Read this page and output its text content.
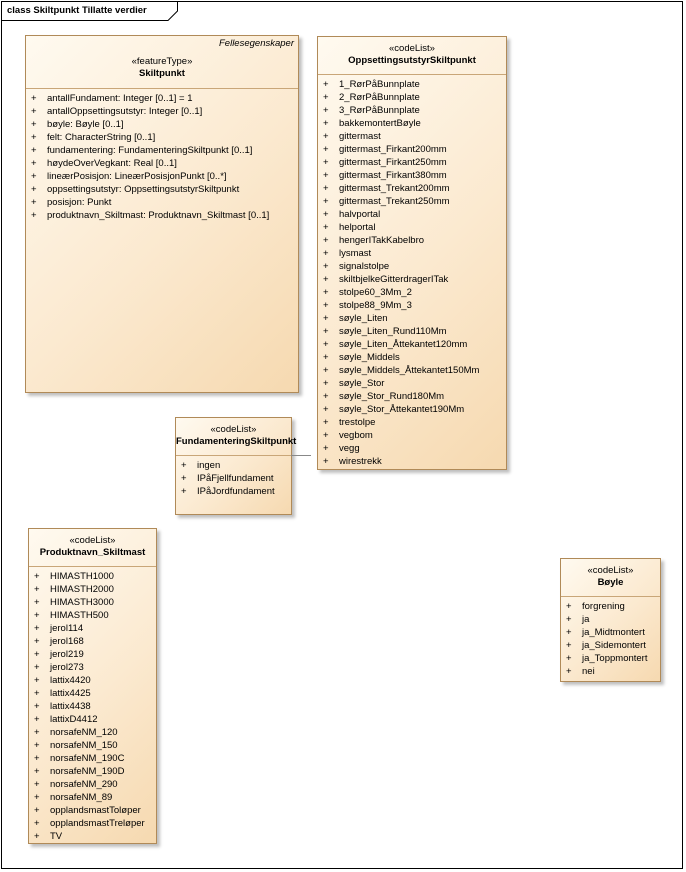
class Skiltpunkt Tillatte verdier
Fellesegenskaper
«featureType»
Skiltpunkt
+ antallFundament: Integer [0..1] = 1
+ antallOppsettingsutstyr: Integer [0..1]
+ bøyle: Bøyle [0..1]
+ felt: CharacterString [0..1]
+ fundamentering: FundamenteringSkiltpunkt [0..1]
+ høydeOverVegkant: Real [0..1]
+ lineærPosisjon: LineærPosisjonPunkt [0..*]
+ oppsettingsutstyr: OppsettingsutstyrSkiltpunkt
+ posisjon: Punkt
+ produktnavn_Skiltmast: Produktnavn_Skiltmast [0..1]
«codeList»
OppsettingsutstyrSkiltpunkt
+ 1_RørPåBunnplate
+ 2_RørPåBunnplate
+ 3_RørPåBunnplate
+ bakkemontertBøyle
+ gittermast
+ gittermast_Firkant200mm
+ gittermast_Firkant250mm
+ gittermast_Firkant380mm
+ gittermast_Trekant200mm
+ gittermast_Trekant250mm
+ halvportal
+ helportal
+ hengerITakKabelbro
+ lysmast
+ signalstolpe
+ skiltbjelkeGitterdragerITak
+ stolpe60_3Mm_2
+ stolpe88_9Mm_3
+ søyle_Liten
+ søyle_Liten_Rund110Mm
+ søyle_Liten_Åttekantet120mm
+ søyle_Middels
+ søyle_Middels_Åttekantet150Mm
+ søyle_Stor
+ søyle_Stor_Rund180Mm
+ søyle_Stor_Åttekantet190Mm
+ trestolpe
+ vegbom
+ vegg
+ wirestrekk
«codeList»
FundamenteringSkiltpunkt
+ ingen
+ IPåFjellfundament
+ IPåJordfundament
«codeList»
Produktnavn_Skiltmast
+ HIMASTH1000
+ HIMASTH2000
+ HIMASTH3000
+ HIMASTH500
+ jerol114
+ jerol168
+ jerol219
+ jerol273
+ lattix4420
+ lattix4425
+ lattix4438
+ lattixD4412
+ norsafeNM_120
+ norsafeNM_150
+ norsafeNM_190C
+ norsafeNM_190D
+ norsafeNM_290
+ norsafeNM_89
+ opplandsmastToløper
+ opplandsmastTreløper
+ TV
«codeList»
Bøyle
+ forgrening
+ ja
+ ja_Midtmontert
+ ja_Sidemontert
+ ja_Toppmontert
+ nei
